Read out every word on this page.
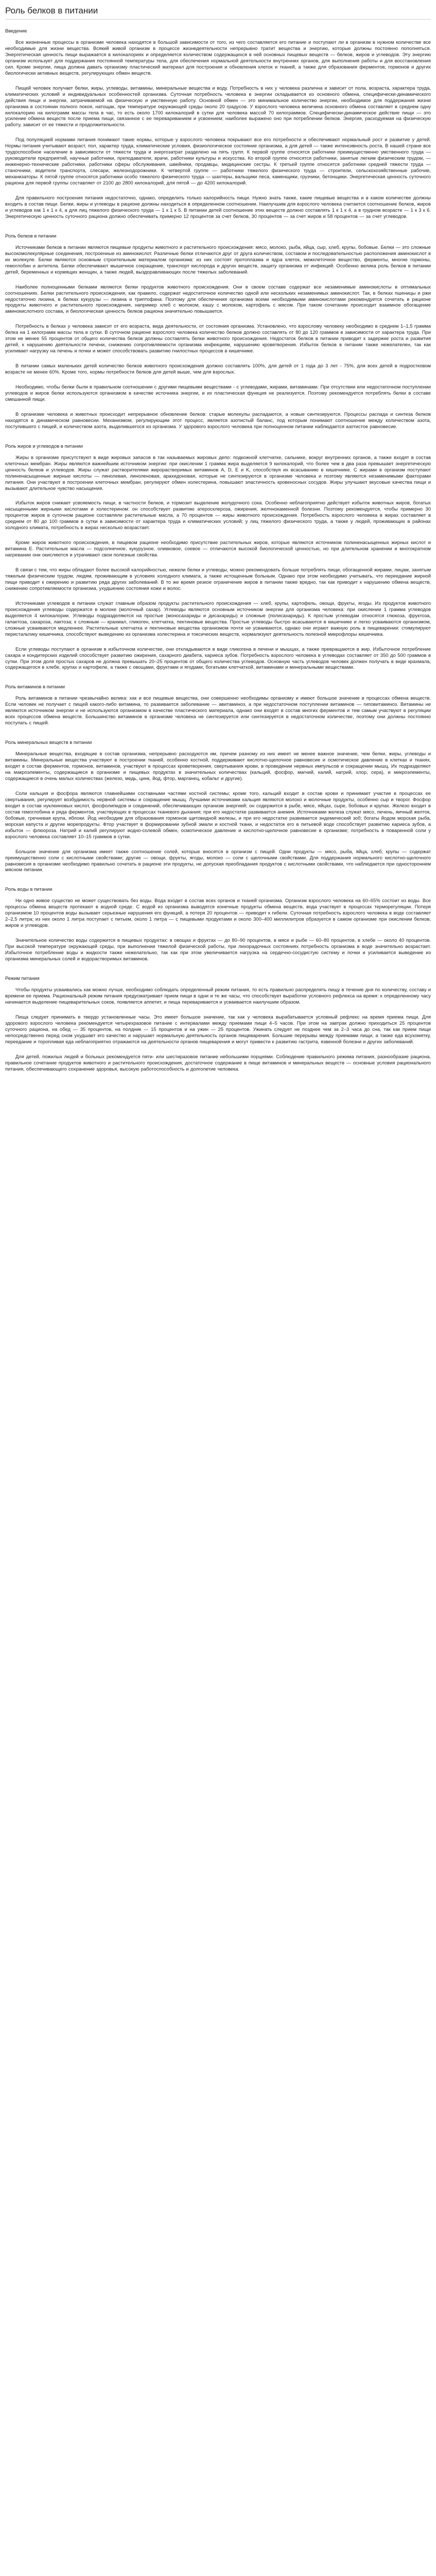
Роль белков в питании
Введение

Все жизненные процессы в организме человека находятся в большой зависимости от того, из чего составляется его питание и поступают ли в организм в нужном количестве все необходимые для жизни вещества. Всякий живой организм в процессе жизнедеятельности непрерывно тратит вещества и энергию, которые должны постоянно пополняться. Энергетическая ценность пищи выражается в килокалориях и определяется количеством содержащихся в ней основных пищевых веществ — белков, жиров и углеводов. Эту энергию организм использует для поддержания постоянной температуры тела, для обеспечения нормальной деятельности внутренних органов, для выполнения работы и для восстановления сил. Кроме энергии, пища должна давать организму пластический материал для построения и обновления клеток и тканей, а также для образования ферментов, гормонов и других биологически активных веществ, регулирующих обмен веществ.

Пищей человек получает белки, жиры, углеводы, витамины, минеральные вещества и воду. Потребность в них у человека различна и зависит от пола, возраста, характера труда, климатических условий и индивидуальных особенностей организма. Суточная потребность человека в энергии складывается из основного обмена, специфически-динамического действия пищи и энергии, затрачиваемой на физическую и умственную работу. Основной обмен — это минимальное количество энергии, необходимое для поддержания жизни организма в состоянии полного покоя, натощак, при температуре окружающей среды около 20 градусов. У взрослого человека величина основного обмена составляет в среднем одну килокалорию на килограмм массы тела в час, то есть около 1700 килокалорий в сутки для человека массой 70 килограммов. Специфически-динамическое действие пищи — это усиление обмена веществ после приема пищи, связанное с ее перевариванием и усвоением; наиболее выражено оно при потреблении белков. Энергия, расходуемая на физическую работу, зависит от ее тяжести и продолжительности.

Под популяцией нормами питания понимают такие нормы, которые у взрослого человека покрывают все его потребности и обеспечивают нормальный рост и развитие у детей. Нормы питания учитывают возраст, пол, характер труда, климатические условия, физиологическое состояние организма, а для детей — также интенсивность роста. В нашей стране все трудоспособное население в зависимости от тяжести труда и энергозатрат разделено на пять групп. К первой группе относятся работники преимущественно умственного труда — руководители предприятий, научные работники, преподаватели, врачи, работники культуры и искусства. Ко второй группе относятся работники, занятые легким физическим трудом, — инженерно-технические работники, работники сферы обслуживания, швейники, продавцы, медицинские сестры. К третьей группе относятся работники средней тяжести труда — станочники, водители транспорта, слесари, железнодорожники. К четвертой группе — работники тяжелого физического труда — строители, сельскохозяйственные рабочие, механизаторы. К пятой группе относятся работники особо тяжелого физического труда — шахтеры, вальщики леса, каменщики, грузчики, бетонщики. Энергетическая ценность суточного рациона для первой группы составляет от 2100 до 2800 килокалорий, для пятой — до 4200 килокалорий.

Для правильного построения питания недостаточно, однако, определить только калорийность пищи. Нужно знать также, какие пищевые вещества и в каком количестве должны входить в состав пищи. Белки, жиры и углеводы в рационе должны находиться в определенном соотношении. Наилучшим для взрослого человека считается соотношение белков, жиров и углеводов как 1 к 1 к 4, а для лиц тяжелого физического труда — 1 к 1 к 5. В питании детей соотношение этих веществ должно составлять 1 к 1 к 4, а в грудном возрасте — 1 к 3 к 6. Энергетическую ценность суточного рациона должно обеспечивать примерно 12 процентов за счет белков, 30 процентов — за счет жиров и 58 процентов — за счет углеводов.

Роль белков в питании

Источниками белков в питании являются пищевые продукты животного и растительного происхождения: мясо, молоко, рыба, яйца, сыр, хлеб, крупы, бобовые. Белки — это сложные высокомолекулярные соединения, построенные из аминокислот. Различные белки отличаются друг от друга количеством, составом и последовательностью расположения аминокислот в их молекуле. Белки являются основным строительным материалом организма: из них состоят протоплазма и ядра клеток, межклеточное вещество, ферменты, многие гормоны, гемоглобин и антитела. Белки обеспечивают мышечное сокращение, транспорт кислорода и других веществ, защиту организма от инфекций. Особенно велика роль белков в питании детей, беременных и кормящих женщин, а также людей, выздоравливающих после тяжелых заболеваний.

Наиболее полноценными белками являются белки продуктов животного происхождения. Они в своем составе содержат все незаменимые аминокислоты в оптимальных соотношениях. Белки растительного происхождения, как правило, содержат недостаточное количество одной или нескольких незаменимых аминокислот. Так, в белках пшеницы и ржи недостаточно лизина, в белках кукурузы — лизина и триптофана. Поэтому для обеспечения организма всеми необходимыми аминокислотами рекомендуется сочетать в рационе продукты животного и растительного происхождения, например хлеб с молоком, кашу с молоком, картофель с мясом. При таком сочетании происходит взаимное обогащение аминокислотного состава, и биологическая ценность белков рациона значительно повышается.

Потребность в белках у человека зависит от его возраста, вида деятельности, от состояния организма. Установлено, что взрослому человеку необходимо в среднем 1–1,5 грамма белка на 1 килограмм массы тела в сутки. В суточном рационе взрослого человека количество белков должно составлять от 80 до 120 граммов в зависимости от характера труда. При этом не менее 55 процентов от общего количества белков должны составлять белки животного происхождения. Недостаток белков в питании приводит к задержке роста и развития детей, к нарушению деятельности печени, снижению сопротивляемости организма инфекциям, нарушению кроветворения. Избыток белков в питании также нежелателен, так как усиливает нагрузку на печень и почки и может способствовать развитию гнилостных процессов в кишечнике.

В питании самых маленьких детей количество белков животного происхождения должно составлять 100%, для детей от 1 года до 3 лет - 75%, для всех детей в подростковом возрасте не менее 60%. Кроме того, нормы потребности белков для детей выше, чем для взрослых.

Необходимо, чтобы белки были в правильном соотношении с другими пищевыми веществами - с углеводами, жирами, витаминами. При отсутствии или недостаточном поступлении углеводов и жиров белки используются организмом в качестве источника энергии, и их пластическая функция не реализуется. Поэтому рекомендуется потреблять белки в составе смешанной пищи.

В организме человека и животных происходит непрерывное обновление белков: старые молекулы распадаются, а новые синтезируются. Процессы распада и синтеза белков находятся в динамическом равновесии. Механизмом, регулирующим этот процесс, является азотистый баланс, под которым понимают соотношение между количеством азота, поступившего с пищей, и количеством азота, выделившегося из организма. У здорового взрослого человека при полноценном питании наблюдается азотистое равновесие.

Роль жиров и углеводов в питании

Жиры в организме присутствуют в виде жировых запасов в так называемых жировых депо: подкожной клетчатке, сальнике, вокруг внутренних органов, а также входят в состав клеточных мембран. Жиры являются важнейшим источником энергии: при окислении 1 грамма жира выделяется 9 килокалорий, что более чем в два раза превышает энергетическую ценность белков и углеводов. Жиры служат растворителями жирорастворимых витаминов A, D, E и K, способствуя их всасыванию в кишечнике. С жирами в организм поступают полиненасыщенные жирные кислоты — линолевая, линоленовая, арахидоновая, которые не синтезируются в организме человека и поэтому являются незаменимыми факторами питания. Они участвуют в построении клеточных мембран, регулируют обмен холестерина, повышают эластичность кровеносных сосудов. Жиры улучшают вкусовые качества пищи и вызывают длительное чувство насыщения.

Избыток жиров снижает усвояемость пищи, в частности белков, и тормозит выделение желудочного сока. Особенно неблагоприятно действует избыток животных жиров, богатых насыщенными жирными кислотами и холестерином: он способствует развитию атеросклероза, ожирения, желчнокаменной болезни. Поэтому рекомендуется, чтобы примерно 30 процентов жиров в суточном рационе составляли растительные масла, а 70 процентов — жиры животного происхождения. Потребность взрослого человека в жирах составляет в среднем от 80 до 100 граммов в сутки в зависимости от характера труда и климатических условий; у лиц тяжелого физического труда, а также у людей, проживающих в районах холодного климата, потребность в жирах несколько возрастает.

Кроме жиров животного происхождения, в пищевом рационе необходимо присутствие растительных жиров, которые являются источником полиненасыщенных жирных кислот и витамина E. Растительные масла — подсолнечное, кукурузное, оливковое, соевое — отличаются высокой биологической ценностью, но при длительном хранении и многократном нагревании они окисляются и утрачивают свои полезные свойства.

В связи с тем, что жиры обладают более высокой калорийностью, нежели белки и углеводы, можно рекомендовать больше потреблять пищи, обогащенной жирами, лицам, занятым тяжелым физическим трудом, людям, проживающим в условиях холодного климата, а также истощенным больным. Однако при этом необходимо учитывать, что переедание жирной пищи приводит к ожирению и развитию ряда других заболеваний. В то же время резкое ограничение жиров в питании также вредно, так как приводит к нарушению обмена веществ, снижению сопротивляемости организма, ухудшению состояния кожи и волос.

Источниками углеводов в питании служат главным образом продукты растительного происхождения — хлеб, крупы, картофель, овощи, фрукты, ягоды. Из продуктов животного происхождения углеводы содержатся в молоке (молочный сахар). Углеводы являются основным источником энергии для организма человека: при окислении 1 грамма углеводов выделяется 4 килокалории. Углеводы подразделяются на простые (моносахариды и дисахариды) и сложные (полисахариды). К простым углеводам относятся глюкоза, фруктоза, галактоза, сахароза, лактоза; к сложным — крахмал, гликоген, клетчатка, пектиновые вещества. Простые углеводы быстро всасываются в кишечнике и легко усваиваются организмом, сложные усваиваются медленнее. Растительные клетчатка и пектиновые вещества организмом почти не усваиваются, однако они играют важную роль в пищеварении: стимулируют перистальтику кишечника, способствуют выведению из организма холестерина и токсических веществ, нормализуют деятельность полезной микрофлоры кишечника.

Если углеводы поступают в организм в избыточном количестве, они откладываются в виде гликогена в печени и мышцах, а также превращаются в жир. Избыточное потребление сахара и кондитерских изделий способствует развитию ожирения, сахарного диабета, кариеса зубов. Потребность взрослого человека в углеводах составляет от 350 до 500 граммов в сутки. При этом доля простых сахаров не должна превышать 20–25 процентов от общего количества углеводов. Основную часть углеводов человек должен получать в виде крахмала, содержащегося в хлебе, крупах и картофеле, а также с овощами, фруктами и ягодами, богатыми клетчаткой, витаминами и минеральными веществами.

Роль витаминов в питании

Роль витаминов в питании чрезвычайно велика: как и все пищевые вещества, они совершенно необходимы организму и имеют большое значение в процессах обмена веществ. Если человек не получает с пищей какого-либо витамина, то развивается заболевание — авитаминоз, а при недостаточном поступлении витаминов — гиповитаминоз. Витамины не являются источником энергии и не используются организмом в качестве пластического материала, однако они входят в состав многих ферментов и тем самым участвуют в регуляции всех процессов обмена веществ. Большинство витаминов в организме человека не синтезируется или синтезируется в недостаточном количестве, поэтому они должны постоянно поступать с пищей.

Роль минеральных веществ в питании

Минеральные вещества, входящие в состав организма, непрерывно расходуются им, причем разному из них имеет не менее важное значение, чем белки, жиры, углеводы и витамины. Минеральные вещества участвуют в построении тканей, особенно костной, поддерживают кислотно-щелочное равновесие и осмотическое давление в клетках и тканях, входят в состав ферментов, гормонов, витаминов, участвуют в процессах кроветворения, свертывания крови, в проведении нервных импульсов и сокращении мышц. Их подразделяют на макроэлементы, содержащиеся в организме и пищевых продуктах в значительных количествах (кальций, фосфор, магний, калий, натрий, хлор, сера), и микроэлементы, содержащиеся в очень малых количествах (железо, медь, цинк, йод, фтор, марганец, кобальт и другие).

Соли кальция и фосфора являются главнейшими составными частями костной системы; кроме того, кальций входит в состав крови и принимает участие в процессах ее свертывания, регулирует возбудимость нервной системы и сокращение мышц. Лучшими источниками кальция являются молоко и молочные продукты, особенно сыр и творог. Фосфор входит в состав нуклеиновых кислот, фосфолипидов и соединений, обеспечивающих организм энергией; он содержится в рыбе, мясе, яйцах, сыре, бобовых и крупах. Железо входит в состав гемоглобина и ряда ферментов, участвующих в процессах тканевого дыхания; при его недостатке развивается анемия. Источниками железа служат мясо, печень, яичный желток, бобовые, гречневая крупа, яблоки. Йод необходим для образования гормонов щитовидной железы, и при его недостатке развивается эндемический зоб; богаты йодом морская рыба, морская капуста и другие морепродукты. Фтор участвует в формировании зубной эмали и костной ткани, и недостаток его в питьевой воде способствует развитию кариеса зубов, а избыток — флюороза. Натрий и калий регулируют водно-солевой обмен, осмотическое давление и кислотно-щелочное равновесие в организме; потребность в поваренной соли у взрослого человека составляет 10–15 граммов в сутки.

Большое значение для организма имеет также соотношение солей, которые вносятся в организм с пищей. Одни продукты — мясо, рыба, яйца, хлеб, крупы — содержат преимущественно соли с кислотными свойствами; другие — овощи, фрукты, ягоды, молоко — соли с щелочными свойствами. Для поддержания нормального кислотно-щелочного равновесия в организме необходимо правильно сочетать в рационе эти продукты, не допуская преобладания продуктов с кислотными свойствами, что наблюдается при одностороннем мясном питании.

Роль воды в питании

Ни одно живое существо не может существовать без воды. Вода входит в состав всех органов и тканей организма. Организм взрослого человека на 60–65% состоит из воды. Все процессы обмена веществ протекают в водной среде. С водой из организма выводятся конечные продукты обмена веществ, вода участвует в процессах терморегуляции. Потеря организмом 10 процентов воды вызывает серьезные нарушения его функций, а потеря 20 процентов — приводит к гибели. Суточная потребность взрослого человека в воде составляет 2–2,5 литра; из них около 1 литра поступает с питьем, около 1 литра — с пищевыми продуктами и около 300–400 миллилитров образуется в самом организме при окислении белков, жиров и углеводов.

Значительное количество воды содержится в пищевых продуктах: в овощах и фруктах — до 80–90 процентов, в мясе и рыбе — 60–80 процентов, в хлебе — около 40 процентов. При высокой температуре окружающей среды, при выполнении тяжелой физической работы, при лихорадочных состояниях потребность организма в воде значительно возрастает. Избыточное потребление воды и жидкости также нежелательно, так как при этом увеличивается нагрузка на сердечно-сосудистую систему и почки и усиливается выведение из организма минеральных солей и водорастворимых витаминов.

Режим питания

Чтобы продукты усваивались как можно лучше, необходимо соблюдать определенный режим питания, то есть правильно распределять пищу в течение дня по количеству, составу и времени ее приема. Рациональный режим питания предусматривает прием пищи в одни и те же часы, что способствует выработке условного рефлекса на время: к определенному часу начинается выделение пищеварительных соков, появляется аппетит, и пища переваривается и усваивается наилучшим образом.

Пища следует принимать в твердо установленные часы. Это имеет большое значение, так как у человека вырабатывается условный рефлекс на время приема пищи. Для здорового взрослого человека рекомендуется четырехразовое питание с интервалами между приемами пищи 4–5 часов. При этом на завтрак должно приходиться 25 процентов суточного рациона, на обед — 35 процентов, на полдник — 15 процентов и на ужин — 25 процентов. Ужинать следует не позднее чем за 2–3 часа до сна, так как прием пищи непосредственно перед сном ухудшает его качество и нарушает нормальную деятельность органов пищеварения. Большие перерывы между приемами пищи, а также еда всухомятку, переедание и торопливая еда неблагоприятно отражаются на деятельности органов пищеварения и могут привести к развитию гастрита, язвенной болезни и других заболеваний.

Для детей, пожилых людей и больных рекомендуется пяти- или шестиразовое питание небольшими порциями. Соблюдение правильного режима питания, разнообразие рациона, правильное сочетание продуктов животного и растительного происхождения, достаточное содержание в пище витаминов и минеральных веществ — основные условия рационального питания, обеспечивающего сохранение здоровья, высокую работоспособность и долголетие человека.
